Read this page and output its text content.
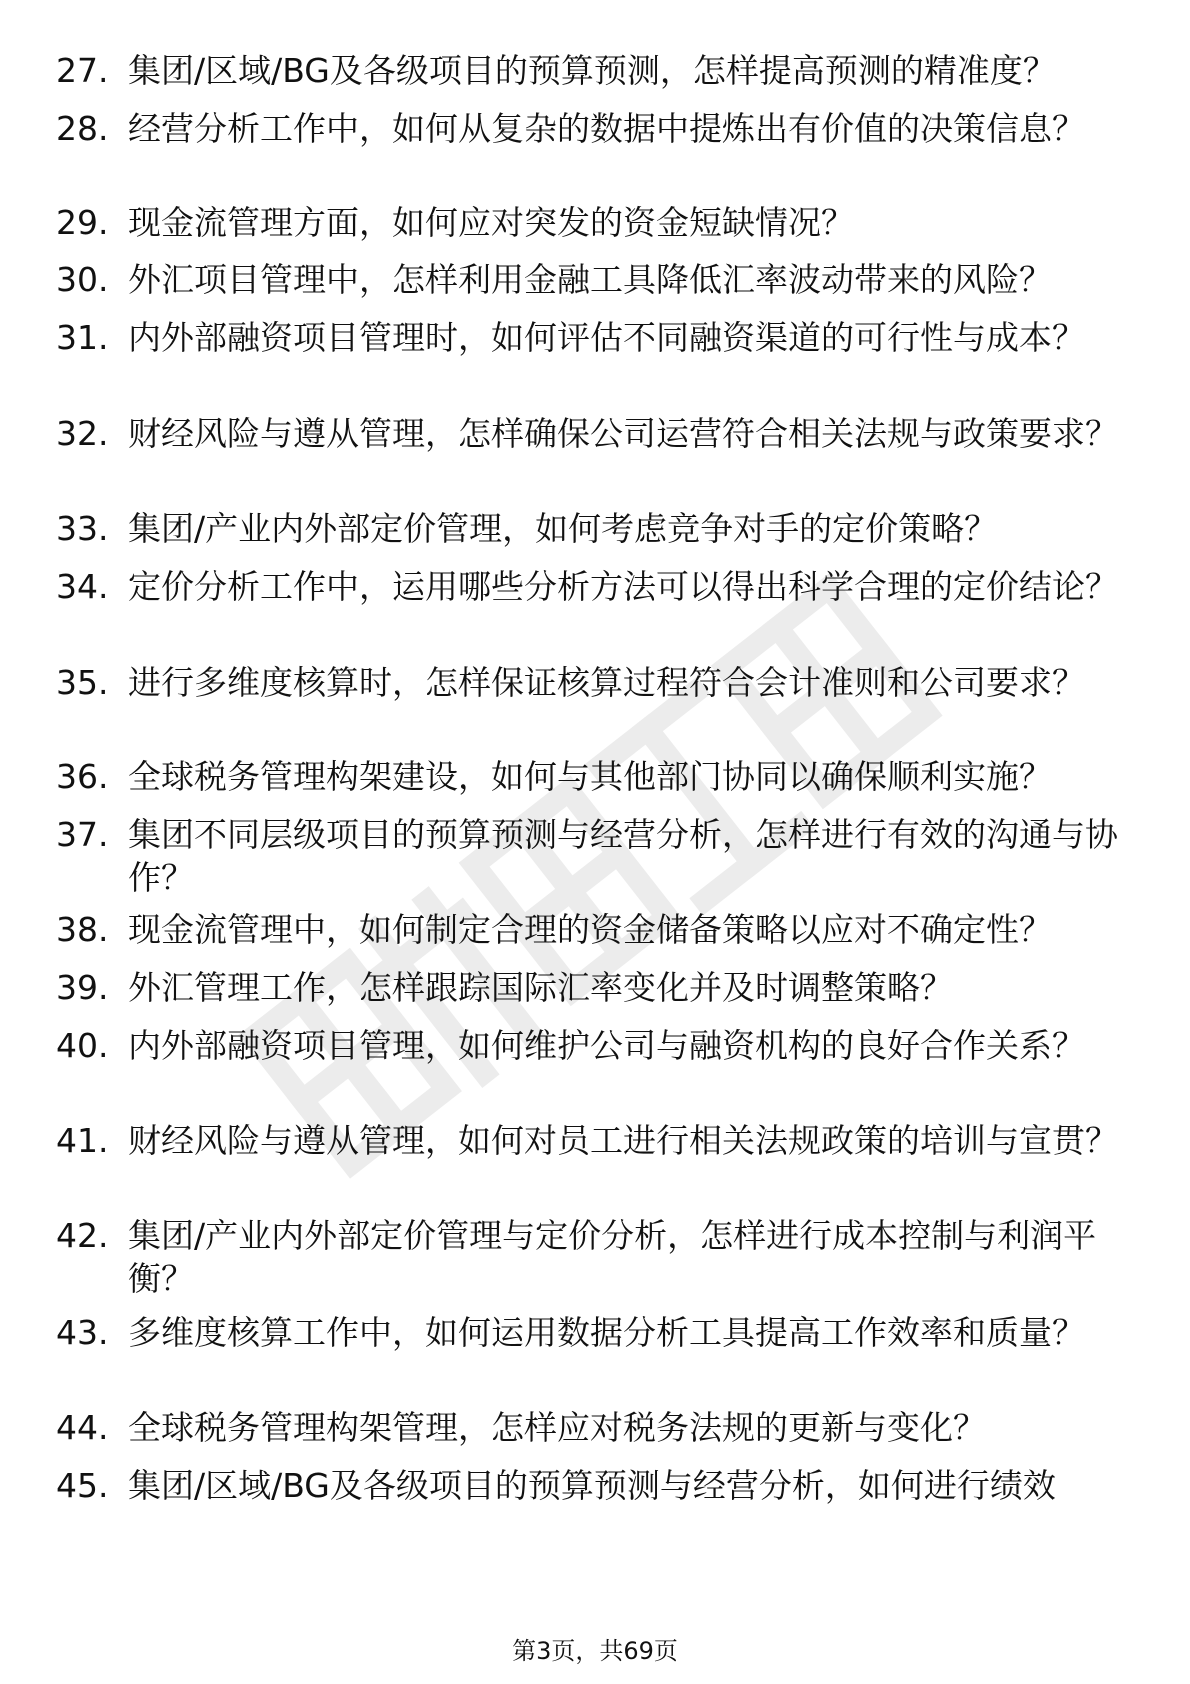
27. 集团/区域/BG及各级项目的预算预测，怎样提高预测的精准度？
28. 经营分析工作中，如何从复杂的数据中提炼出有价值的决策信息？
29. 现金流管理方面，如何应对突发的资金短缺情况？
30. 外汇项目管理中，怎样利用金融工具降低汇率波动带来的风险？
31. 内外部融资项目管理时，如何评估不同融资渠道的可行性与成本？
32. 财经风险与遵从管理，怎样确保公司运营符合相关法规与政策要求？
33. 集团/产业内外部定价管理，如何考虑竞争对手的定价策略？
34. 定价分析工作中，运用哪些分析方法可以得出科学合理的定价结论？
35. 进行多维度核算时，怎样保证核算过程符合会计准则和公司要求？
36. 全球税务管理构架建设，如何与其他部门协同以确保顺利实施？
37. 集团不同层级项目的预算预测与经营分析，怎样进行有效的沟通与协作？
38. 现金流管理中，如何制定合理的资金储备策略以应对不确定性？
39. 外汇管理工作，怎样跟踪国际汇率变化并及时调整策略？
40. 内外部融资项目管理，如何维护公司与融资机构的良好合作关系？
41. 财经风险与遵从管理，如何对员工进行相关法规政策的培训与宣贯？
42. 集团/产业内外部定价管理与定价分析，怎样进行成本控制与利润平衡？
43. 多维度核算工作中，如何运用数据分析工具提高工作效率和质量？
44. 全球税务管理构架管理，怎样应对税务法规的更新与变化？
45. 集团/区域/BG及各级项目的预算预测与经营分析，如何进行绩效
第3页，共69页
